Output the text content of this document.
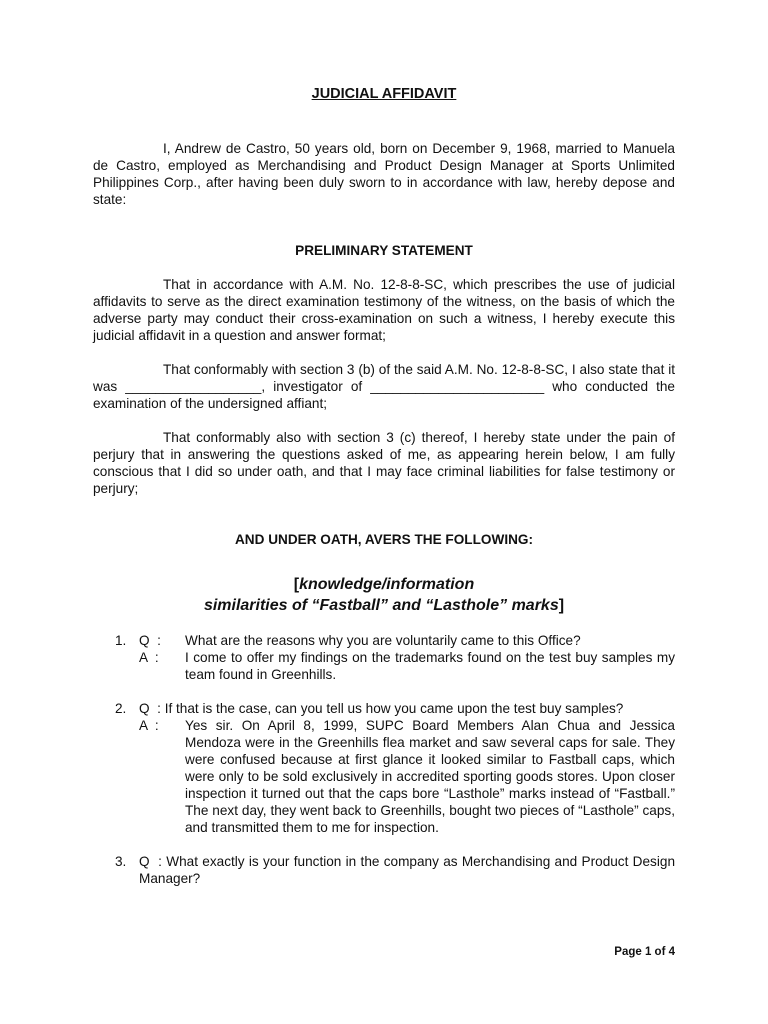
JUDICIAL AFFIDAVIT

I, Andrew de Castro, 50 years old, born on December 9, 1968, married to Manuela de Castro, employed as Merchandising and Product Design Manager at Sports Unlimited Philippines Corp., after having been duly sworn to in accordance with law, hereby depose and state:

PRELIMINARY STATEMENT

That in accordance with A.M. No. 12-8-8-SC, which prescribes the use of judicial affidavits to serve as the direct examination testimony of the witness, on the basis of which the adverse party may conduct their cross-examination on such a witness, I hereby execute this judicial affidavit in a question and answer format;

That conformably with section 3 (b) of the said A.M. No. 12-8-8-SC, I also state that it was __________________, investigator of _______________________ who conducted the examination of the undersigned affiant;

That conformably also with section 3 (c) thereof, I hereby state under the pain of perjury that in answering the questions asked of me, as appearing herein below, I am fully conscious that I did so under oath, and that I may face criminal liabilities for false testimony or perjury;

AND UNDER OATH, AVERS THE FOLLOWING:

[knowledge/information

similarities of “Fastball” and “Lasthole” marks]

1. Q  :	What are the reasons why you are voluntarily came to this Office?
A  :	I come to offer my findings on the trademarks found on the test buy samples my team found in Greenhills.
2. Q  : If that is the case, can you tell us how you came upon the test buy samples?
A  :	Yes sir. On April 8, 1999, SUPC Board Members Alan Chua and Jessica Mendoza were in the Greenhills flea market and saw several caps for sale. They were confused because at first glance it looked similar to Fastball caps, which were only to be sold exclusively in accredited sporting goods stores. Upon closer inspection it turned out that the caps bore “Lasthole” marks instead of “Fastball.” The next day, they went back to Greenhills, bought two pieces of “Lasthole” caps, and transmitted them to me for inspection.
3. Q  : What exactly is your function in the company as Merchandising and Product Design Manager?
Page 1 of 4
